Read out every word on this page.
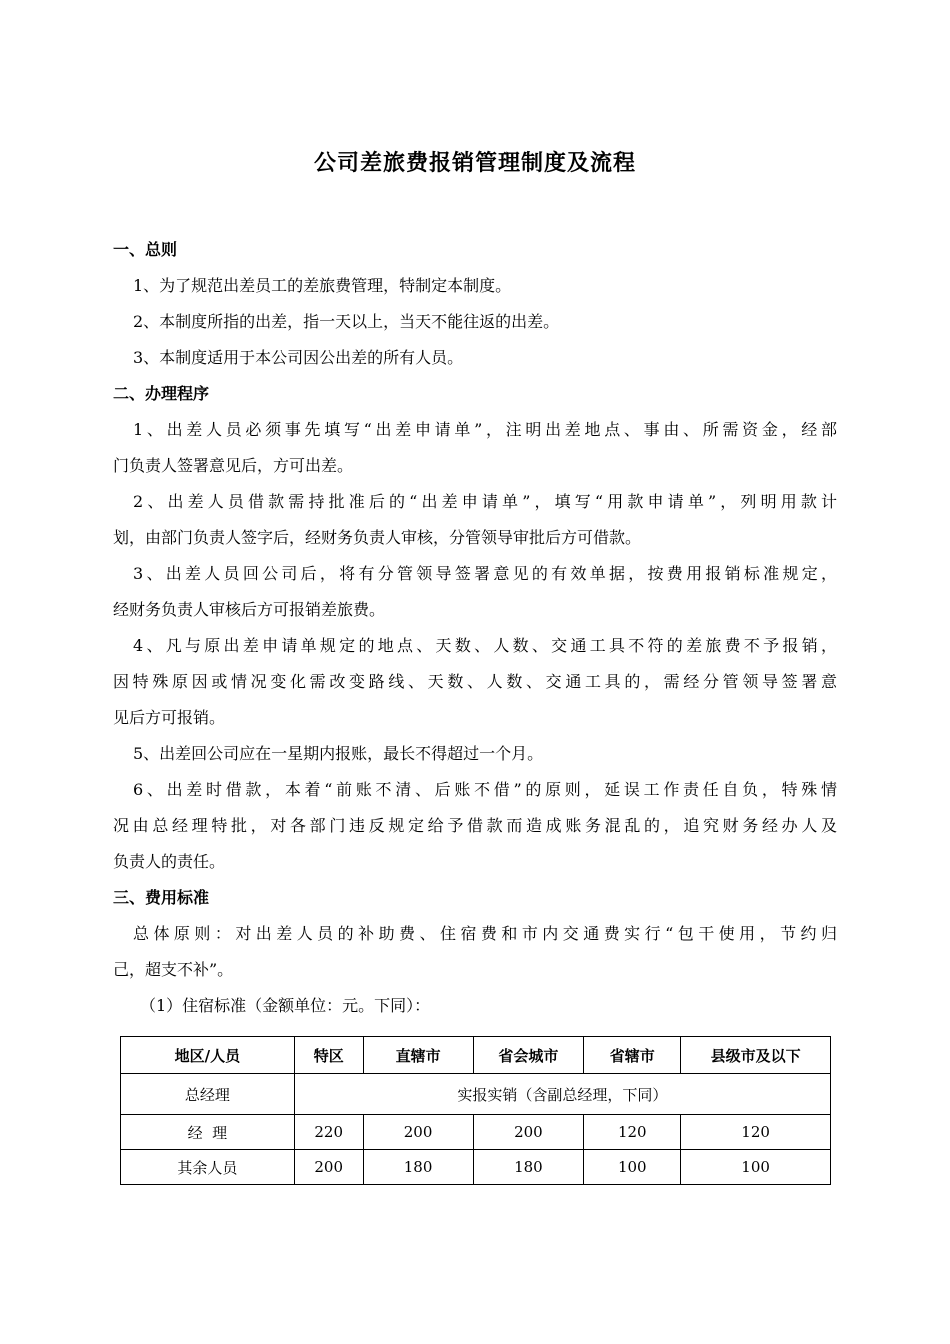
公司差旅费报销管理制度及流程
一、总则
1、为了规范出差员工的差旅费管理，特制定本制度。
2、本制度所指的出差，指一天以上，当天不能往返的出差。
3、本制度适用于本公司因公出差的所有人员。
二、办理程序
1、出差人员必须事先填写“出差申请单”，注明出差地点、事由、所需资金，经部
门负责人签署意见后，方可出差。
2、出差人员借款需持批准后的“出差申请单”，填写“用款申请单”，列明用款计
划，由部门负责人签字后，经财务负责人审核，分管领导审批后方可借款。
3、出差人员回公司后，将有分管领导签署意见的有效单据，按费用报销标准规定，
经财务负责人审核后方可报销差旅费。
4、凡与原出差申请单规定的地点、天数、人数、交通工具不符的差旅费不予报销，
因特殊原因或情况变化需改变路线、天数、人数、交通工具的，需经分管领导签署意
见后方可报销。
5、出差回公司应在一星期内报账，最长不得超过一个月。
6、出差时借款，本着“前账不清、后账不借”的原则，延误工作责任自负，特殊情
况由总经理特批，对各部门违反规定给予借款而造成账务混乱的，追究财务经办人及
负责人的责任。
三、费用标准
总体原则：对出差人员的补助费、住宿费和市内交通费实行“包干使用，节约归
己，超支不补”。
（1）住宿标准（金额单位：元。下同）：
地区/人员	特区	直辖市	省会城市	省辖市	县级市及以下
总经理	实报实销（含副总经理，下同）				
经  理	220	200	200	120	120
其余人员	200	180	180	100	100
